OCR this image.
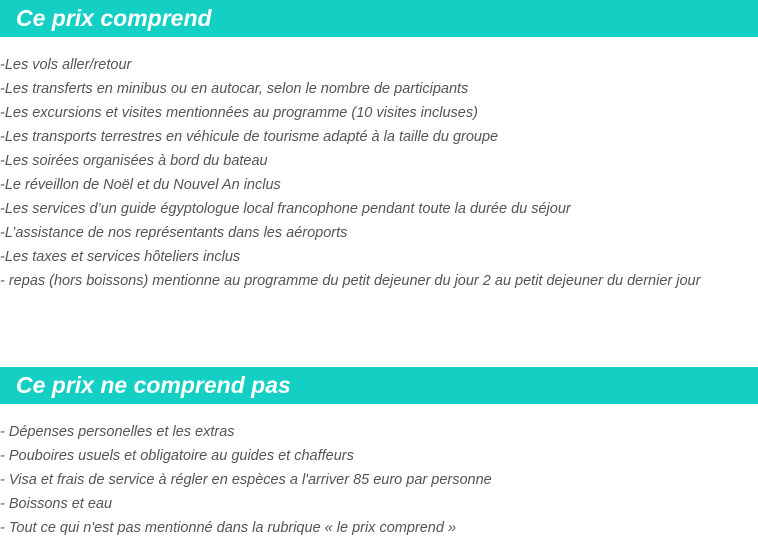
Ce prix comprend
-Les vols aller/retour
-Les transferts en minibus ou en autocar, selon le nombre de participants
-Les excursions et visites mentionnées au programme (10 visites incluses)
-Les transports terrestres en véhicule de tourisme adapté à la taille du groupe
-Les soirées organisées à bord du bateau
-Le réveillon de Noël et du Nouvel An inclus
-Les services d’un guide égyptologue local francophone pendant toute la durée du séjour
-L’assistance de nos représentants dans les aéroports
-Les taxes et services hôteliers inclus
- repas (hors boissons) mentionne au programme du petit dejeuner du jour 2 au petit dejeuner du dernier jour
Ce prix ne comprend pas
- Dépenses personelles et les extras
- Pouboires usuels et obligatoire au guides et chaffeurs
- Visa et frais de service à régler en espèces a l'arriver 85 euro par personne
- Boissons et eau
- Tout ce qui n'est pas mentionné dans la rubrique « le prix comprend »
